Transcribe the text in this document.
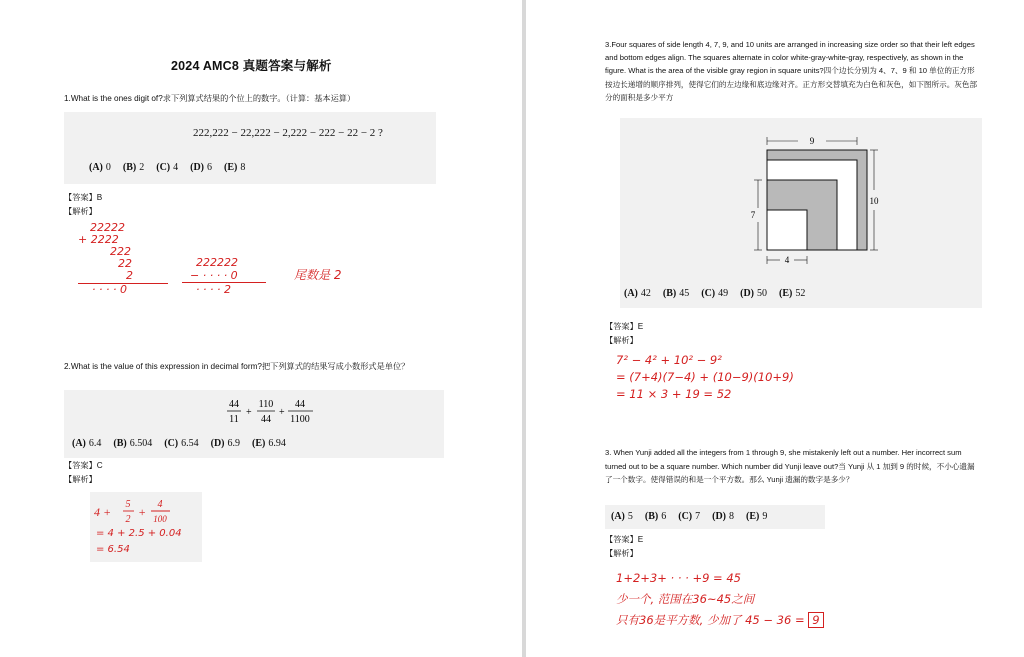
2024 AMC8 真题答案与解析
1.What is the ones digit of?求下列算式结果的个位上的数字。（计算：基本运算）
222,222 − 22,222 − 2,222 − 222 − 22 − 2 ?
(A) 0 (B) 2 (C) 4 (D) 6 (E) 8
【答案】B
【解析】
22222
+ 2222
222
22
2
· · · · 0
222222
− · · · · 0
· · · · 2
尾数是 2
2.What is the value of this expression in decimal form?把下列算式的结果写成小数形式是单位？
44
11
+
110
44
+
44
1100
(A) 6.4 (B) 6.504 (C) 6.54 (D) 6.9 (E) 6.94
【答案】C
【解析】
4 +
5
2
+
4
100
= 4 + 2.5 + 0.04
= 6.54
3.Four squares of side length 4, 7, 9, and 10 units are arranged in increasing size order so that their left edges and bottom edges align. The squares alternate in color white-gray-white-gray, respectively, as shown in the figure. What is the area of the visible gray region in square units?四个边长分别为 4、7、9 和 10 单位的正方形按边长递增的顺序排列，使得它们的左边缘和底边缘对齐。正方形交替填充为白色和灰色，如下图所示。灰色部分的面积是多少平方
9
10
7
4
(A) 42 (B) 45 (C) 49 (D) 50 (E) 52
【答案】E
【解析】
7² − 4² + 10² − 9²
= (7+4)(7−4) + (10−9)(10+9)
= 11 × 3 + 19 = 52
3. When Yunji added all the integers from 1 through 9, she mistakenly left out a number. Her incorrect sum turned out to be a square number. Which number did Yunji leave out?当 Yunji 从 1 加到 9 的时候，不小心遗漏了一个数字。使得错误的和是一个平方数。那么 Yunji 遗漏的数字是多少？
(A) 5 (B) 6 (C) 7 (D) 8 (E) 9
【答案】E
【解析】
1+2+3+ · · · +9 = 45
少一个, 范围在36~45之间
只有36是平方数, 少加了 45 − 36 = 9
